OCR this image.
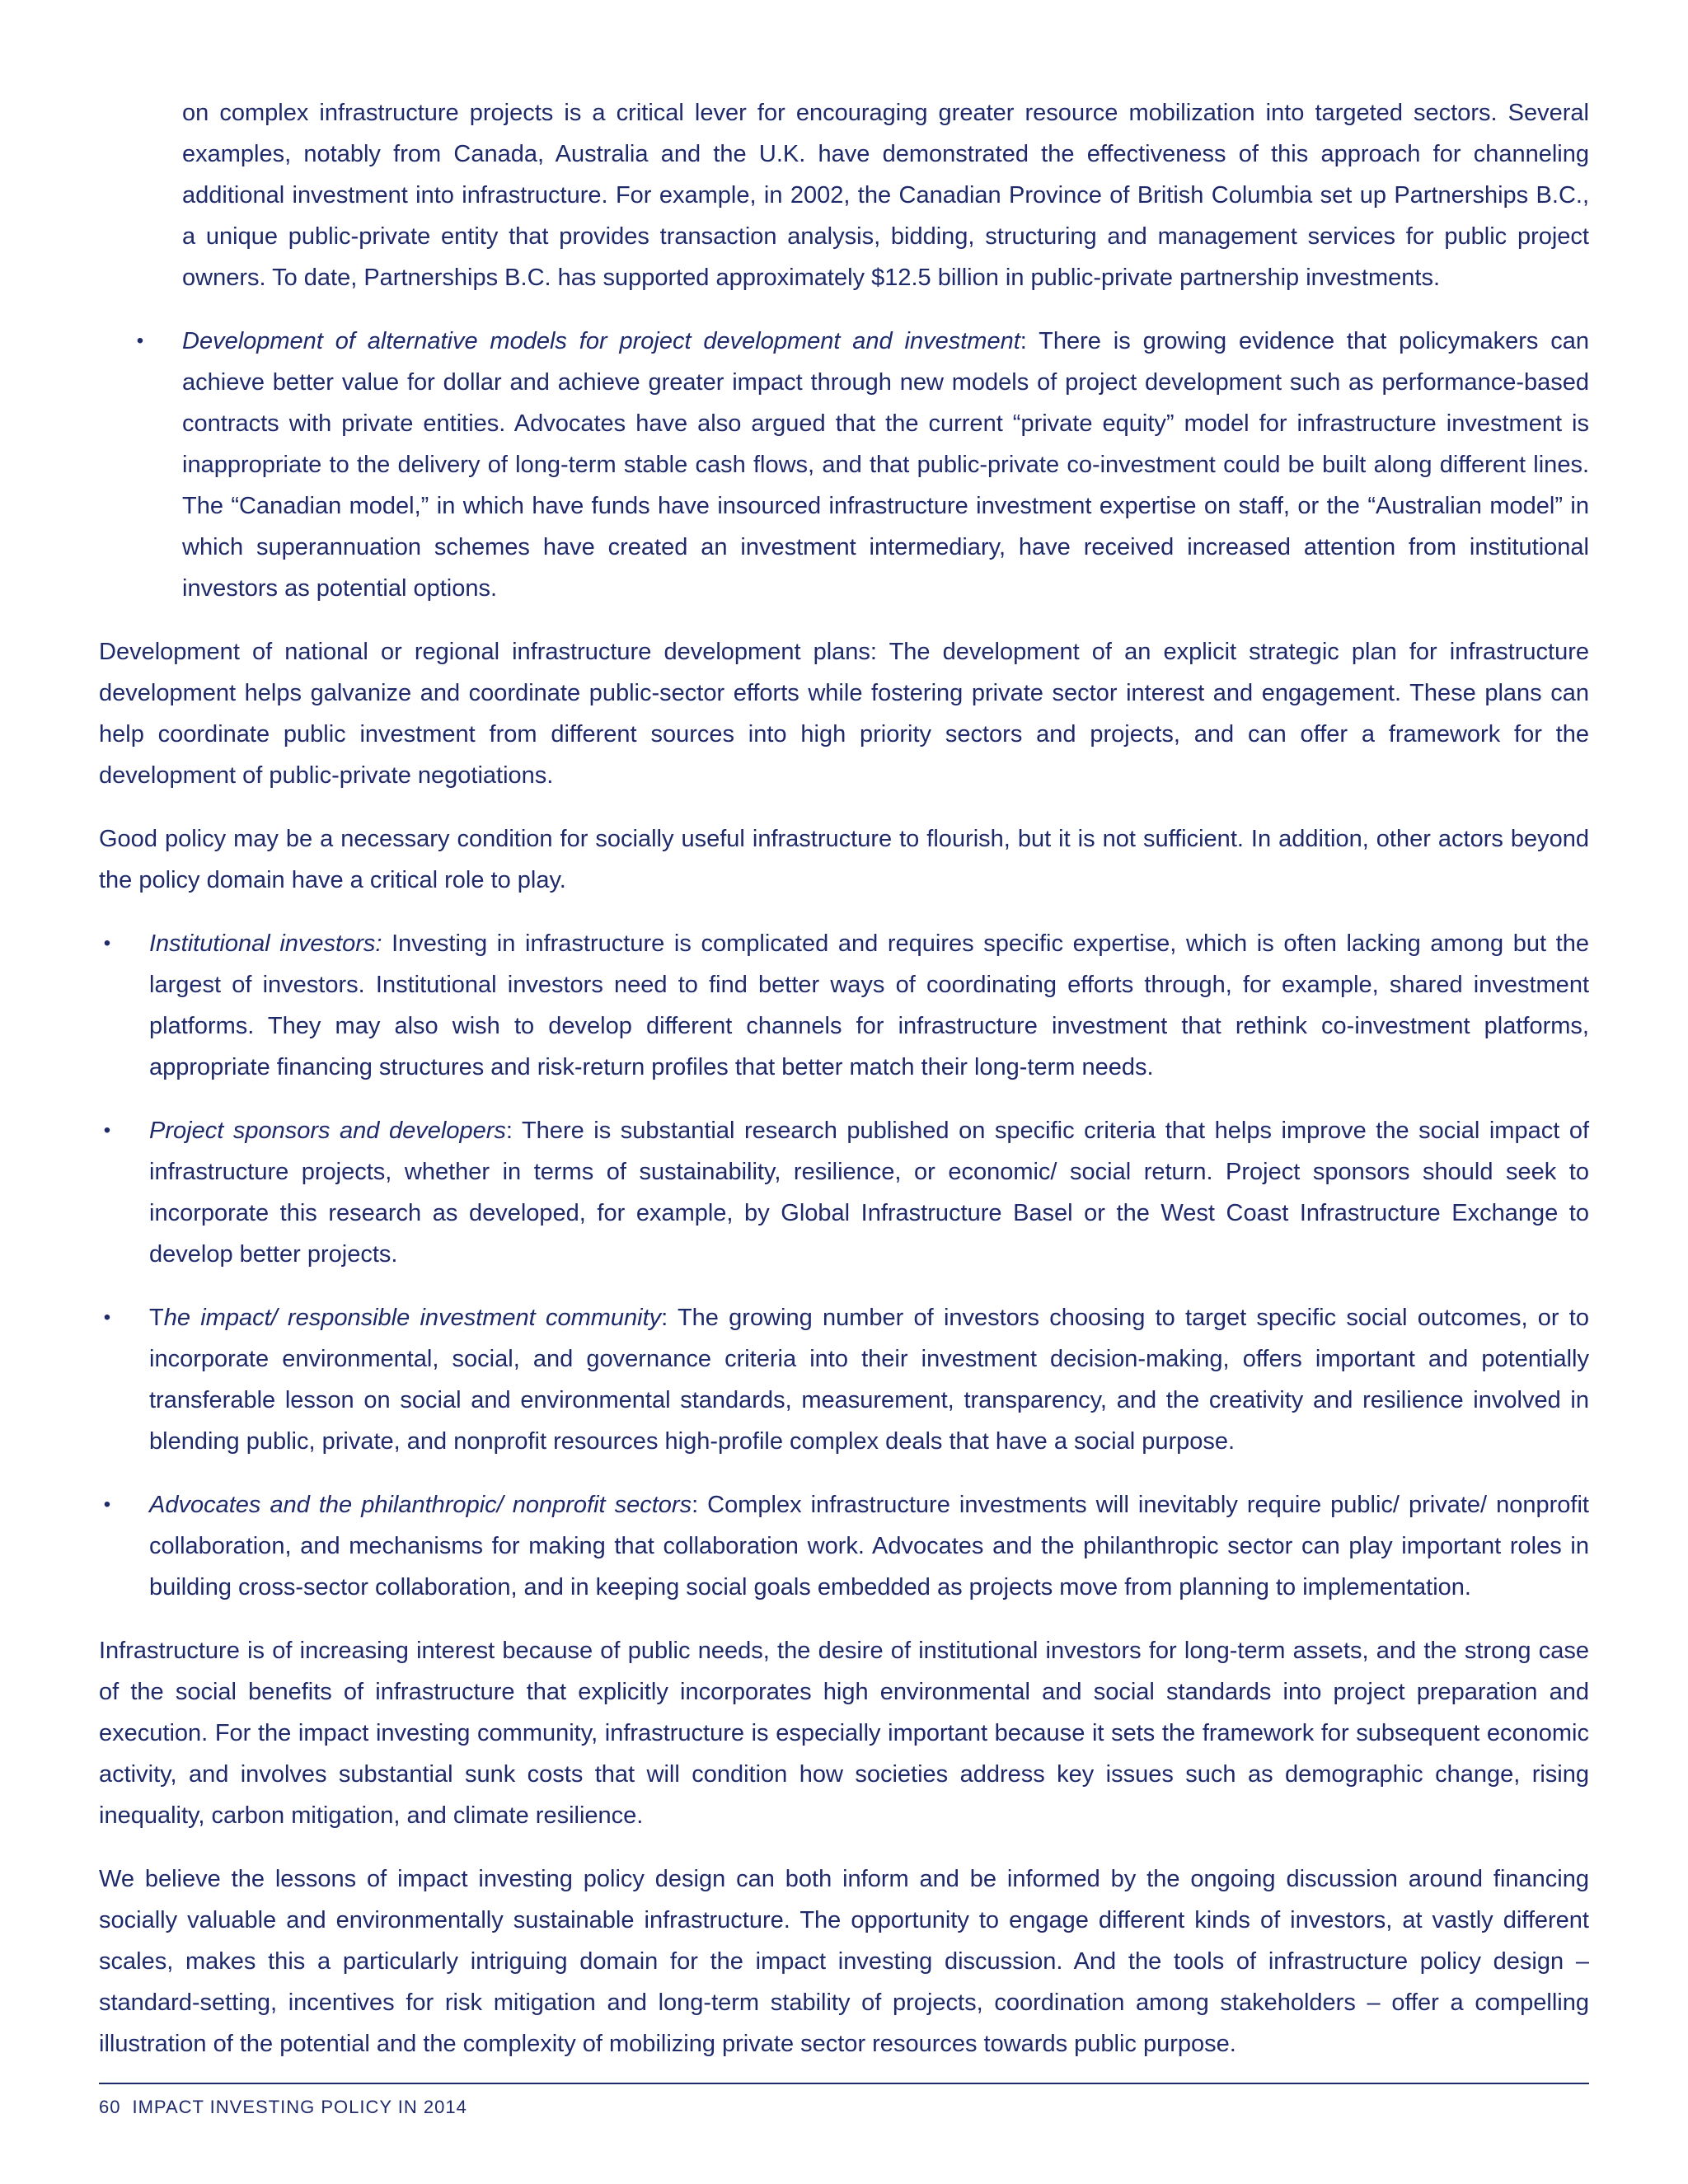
on complex infrastructure projects is a critical lever for encouraging greater resource mobilization into targeted sectors. Several examples, notably from Canada, Australia and the U.K. have demonstrated the effectiveness of this approach for channeling additional investment into infrastructure. For example, in 2002, the Canadian Province of British Columbia set up Partnerships B.C., a unique public-private entity that provides transaction analysis, bidding, structuring and management services for public project owners. To date, Partnerships B.C. has supported approximately $12.5 billion in public-private partnership investments.

• Development of alternative models for project development and investment: There is growing evidence that policymakers can achieve better value for dollar and achieve greater impact through new models of project development such as performance-based contracts with private entities. Advocates have also argued that the current “private equity” model for infrastructure investment is inappropriate to the delivery of long-term stable cash flows, and that public-private co-investment could be built along different lines. The “Canadian model,” in which have funds have insourced infrastructure investment expertise on staff, or the “Australian model” in which superannuation schemes have created an investment intermediary, have received increased attention from institutional investors as potential options.

Development of national or regional infrastructure development plans: The development of an explicit strategic plan for infrastructure development helps galvanize and coordinate public-sector efforts while fostering private sector interest and engagement. These plans can help coordinate public investment from different sources into high priority sectors and projects, and can offer a framework for the development of public-private negotiations.

Good policy may be a necessary condition for socially useful infrastructure to flourish, but it is not sufficient. In addition, other actors beyond the policy domain have a critical role to play.

• Institutional investors: Investing in infrastructure is complicated and requires specific expertise, which is often lacking among but the largest of investors. Institutional investors need to find better ways of coordinating efforts through, for example, shared investment platforms. They may also wish to develop different channels for infrastructure investment that rethink co-investment platforms, appropriate financing structures and risk-return profiles that better match their long-term needs.
• Project sponsors and developers: There is substantial research published on specific criteria that helps improve the social impact of infrastructure projects, whether in terms of sustainability, resilience, or economic/ social return. Project sponsors should seek to incorporate this research as developed, for example, by Global Infrastructure Basel or the West Coast Infrastructure Exchange to develop better projects.
• The impact/ responsible investment community: The growing number of investors choosing to target specific social outcomes, or to incorporate environmental, social, and governance criteria into their investment decision-making, offers important and potentially transferable lesson on social and environmental standards, measurement, transparency, and the creativity and resilience involved in blending public, private, and nonprofit resources high-profile complex deals that have a social purpose.
• Advocates and the philanthropic/ nonprofit sectors: Complex infrastructure investments will inevitably require public/ private/ nonprofit collaboration, and mechanisms for making that collaboration work. Advocates and the philanthropic sector can play important roles in building cross-sector collaboration, and in keeping social goals embedded as projects move from planning to implementation.

Infrastructure is of increasing interest because of public needs, the desire of institutional investors for long-term assets, and the strong case of the social benefits of infrastructure that explicitly incorporates high environmental and social standards into project preparation and execution. For the impact investing community, infrastructure is especially important because it sets the framework for subsequent economic activity, and involves substantial sunk costs that will condition how societies address key issues such as demographic change, rising inequality, carbon mitigation, and climate resilience.

We believe the lessons of impact investing policy design can both inform and be informed by the ongoing discussion around financing socially valuable and environmentally sustainable infrastructure. The opportunity to engage different kinds of investors, at vastly different scales, makes this a particularly intriguing domain for the impact investing discussion. And the tools of infrastructure policy design – standard-setting, incentives for risk mitigation and long-term stability of projects, coordination among stakeholders – offer a compelling illustration of the potential and the complexity of mobilizing private sector resources towards public purpose.

60 IMPACT INVESTING POLICY IN 2014
